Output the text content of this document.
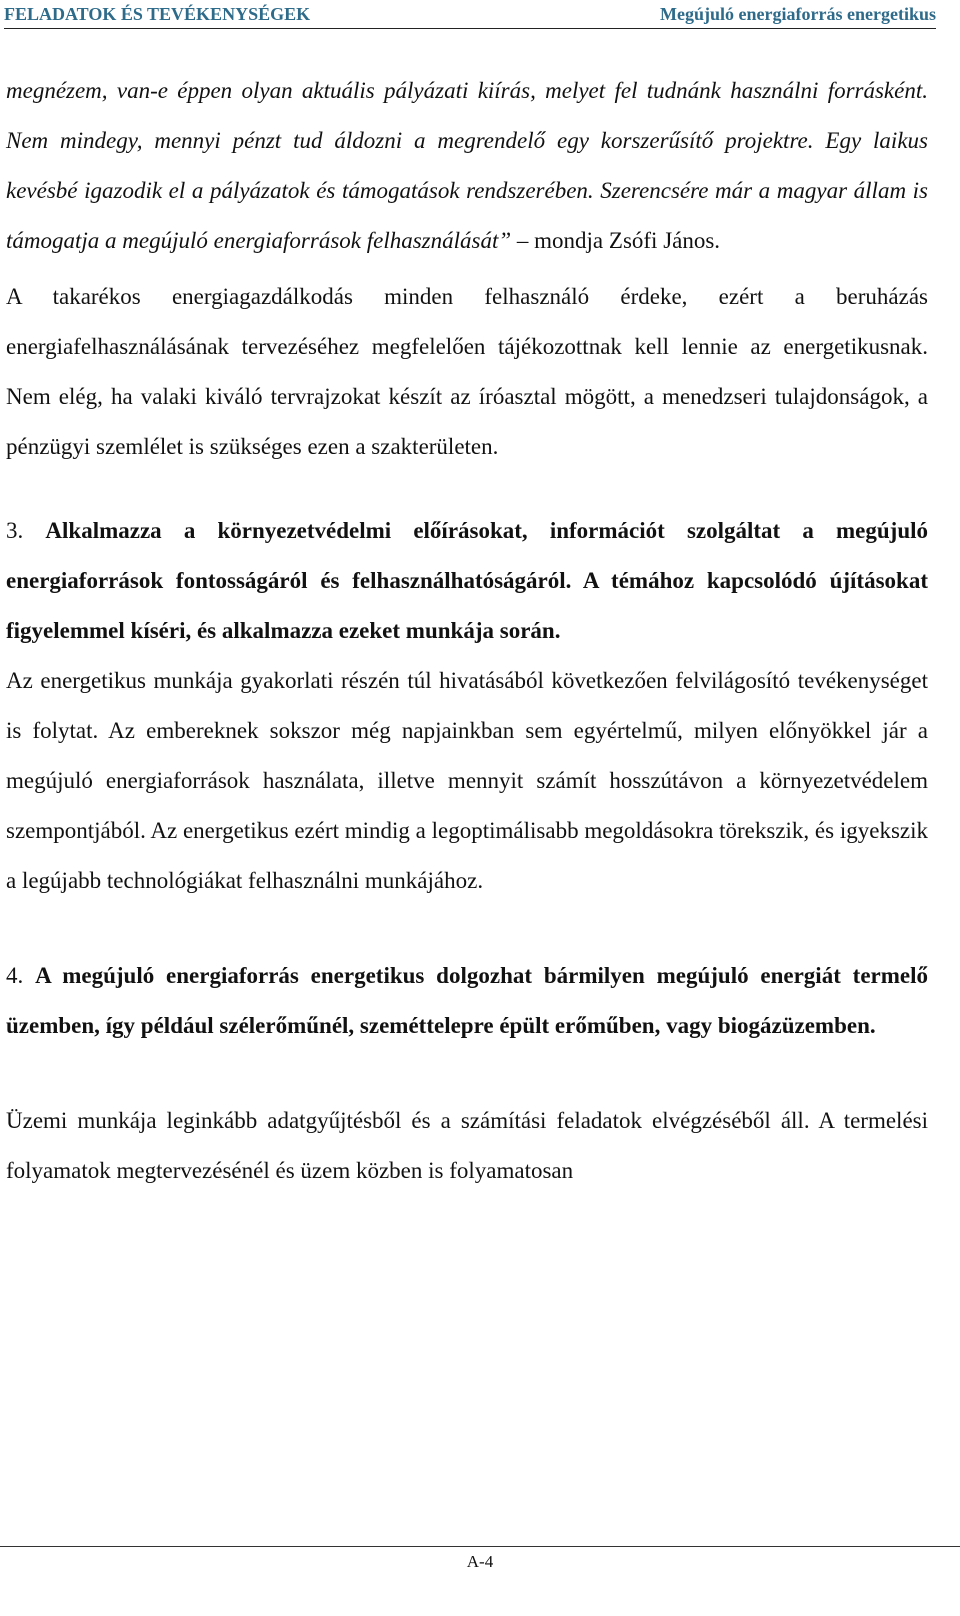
FELADATOK ÉS TEVÉKENYSÉGEK	Megújuló energiaforrás energetikus

megnézem, van-e éppen olyan aktuális pályázati kiírás, melyet fel tudnánk használni forrásként. Nem mindegy, mennyi pénzt tud áldozni a megrendelő egy korszerűsítő projektre. Egy laikus kevésbé igazodik el a pályázatok és támogatások rendszerében. Szerencsére már a magyar állam is támogatja a megújuló energiaforrások felhasználását” – mondja Zsófi János.

A takarékos energiagazdálkodás minden felhasználó érdeke, ezért a beruházás energiafelhasználásának tervezéséhez megfelelően tájékozottnak kell lennie az energetikusnak. Nem elég, ha valaki kiváló tervrajzokat készít az íróasztal mögött, a menedzseri tulajdonságok, a pénzügyi szemlélet is szükséges ezen a szakterületen.

3. Alkalmazza a környezetvédelmi előírásokat, információt szolgáltat a megújuló energiaforrások fontosságáról és felhasználhatóságáról. A témához kapcsolódó újításokat figyelemmel kíséri, és alkalmazza ezeket munkája során.

Az energetikus munkája gyakorlati részén túl hivatásából következően felvilágosító tevékenységet is folytat. Az embereknek sokszor még napjainkban sem egyértelmű, milyen előnyökkel jár a megújuló energiaforrások használata, illetve mennyit számít hosszútávon a környezetvédelem szempontjából. Az energetikus ezért mindig a legoptimálisabb megoldásokra törekszik, és igyekszik a legújabb technológiákat felhasználni munkájához.

4. A megújuló energiaforrás energetikus dolgozhat bármilyen megújuló energiát termelő üzemben, így például szélerőműnél, szeméttelepre épült erőműben, vagy biogázüzemben.

Üzemi munkája leginkább adatgyűjtésből és a számítási feladatok elvégzéséből áll. A termelési folyamatok megtervezésénél és üzem közben is folyamatosan

A-4
